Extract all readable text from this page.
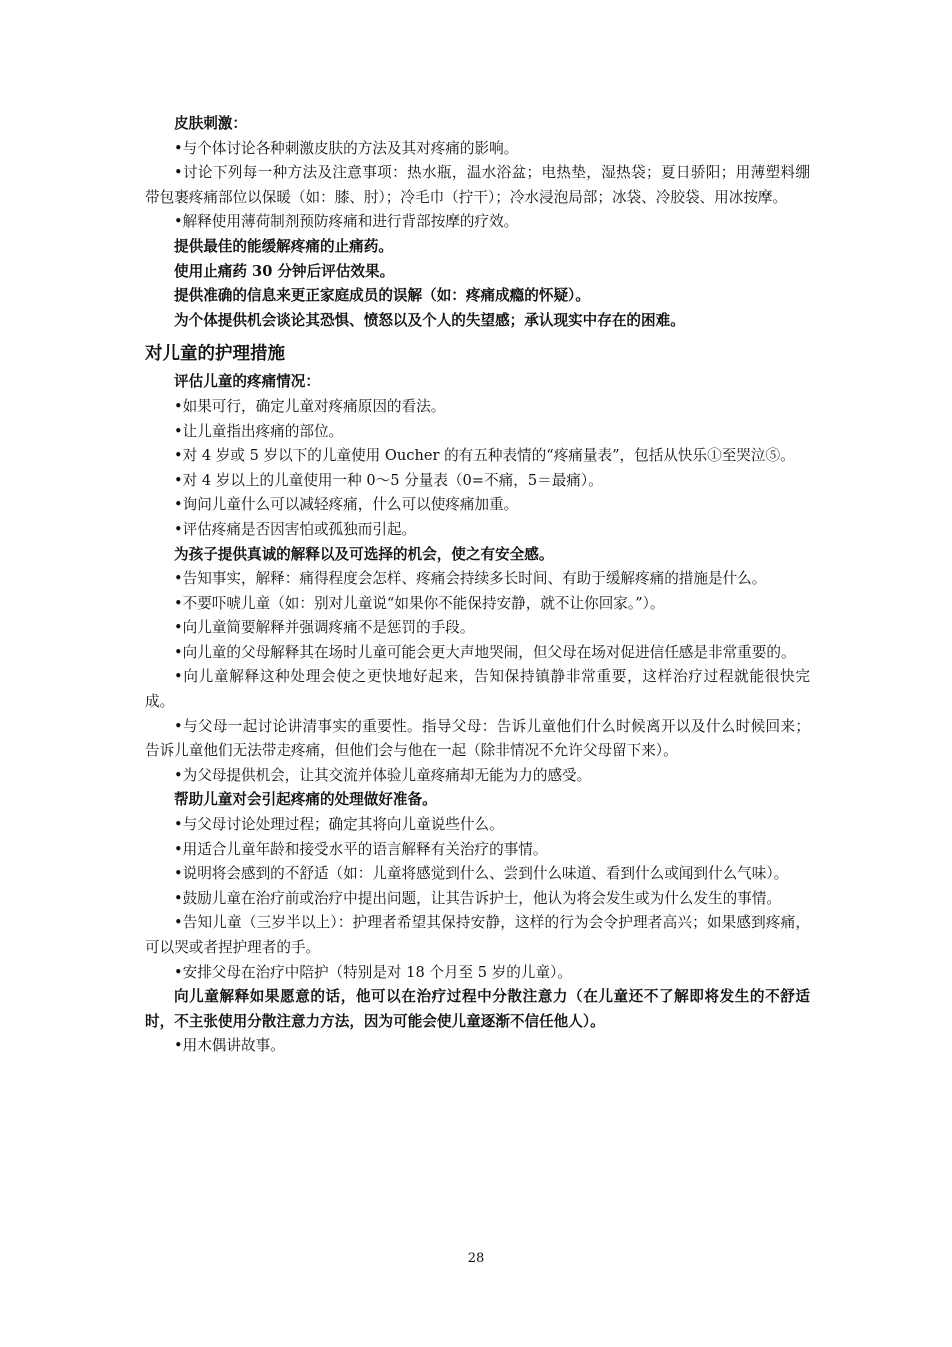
皮肤刺激：

•与个体讨论各种刺激皮肤的方法及其对疼痛的影响。

•讨论下列每一种方法及注意事项：热水瓶，温水浴盆；电热垫，湿热袋；夏日骄阳；用薄塑料绷带包裹疼痛部位以保暖（如：膝、肘）；冷毛巾（拧干）；冷水浸泡局部；冰袋、冷胶袋、用冰按摩。

•解释使用薄荷制剂预防疼痛和进行背部按摩的疗效。

提供最佳的能缓解疼痛的止痛药。

使用止痛药 30 分钟后评估效果。

提供准确的信息来更正家庭成员的误解（如：疼痛成瘾的怀疑）。

为个体提供机会谈论其恐惧、愤怒以及个人的失望感；承认现实中存在的困难。

对儿童的护理措施

评估儿童的疼痛情况：

•如果可行，确定儿童对疼痛原因的看法。

•让儿童指出疼痛的部位。

•对 4 岁或 5 岁以下的儿童使用 Oucher 的有五种表情的“疼痛量表”，包括从快乐①至哭泣⑤。

•对 4 岁以上的儿童使用一种 0～5 分量表（0=不痛，5＝最痛）。

•询问儿童什么可以减轻疼痛，什么可以使疼痛加重。

•评估疼痛是否因害怕或孤独而引起。

为孩子提供真诚的解释以及可选择的机会，使之有安全感。

•告知事实，解释：痛得程度会怎样、疼痛会持续多长时间、有助于缓解疼痛的措施是什么。

•不要吓唬儿童（如：别对儿童说“如果你不能保持安静，就不让你回家。”）。

•向儿童简要解释并强调疼痛不是惩罚的手段。

•向儿童的父母解释其在场时儿童可能会更大声地哭闹，但父母在场对促进信任感是非常重要的。

•向儿童解释这种处理会使之更快地好起来，告知保持镇静非常重要，这样治疗过程就能很快完成。

•与父母一起讨论讲清事实的重要性。指导父母：告诉儿童他们什么时候离开以及什么时候回来；告诉儿童他们无法带走疼痛，但他们会与他在一起（除非情况不允许父母留下来）。

•为父母提供机会，让其交流并体验儿童疼痛却无能为力的感受。

帮助儿童对会引起疼痛的处理做好准备。

•与父母讨论处理过程；确定其将向儿童说些什么。

•用适合儿童年龄和接受水平的语言解释有关治疗的事情。

•说明将会感到的不舒适（如：儿童将感觉到什么、尝到什么味道、看到什么或闻到什么气味）。

•鼓励儿童在治疗前或治疗中提出问题，让其告诉护士，他认为将会发生或为什么发生的事情。

•告知儿童（三岁半以上）：护理者希望其保持安静，这样的行为会令护理者高兴；如果感到疼痛，可以哭或者捏护理者的手。

•安排父母在治疗中陪护（特别是对 18 个月至 5 岁的儿童）。

向儿童解释如果愿意的话，他可以在治疗过程中分散注意力（在儿童还不了解即将发生的不舒适时，不主张使用分散注意力方法，因为可能会使儿童逐渐不信任他人）。

•用木偶讲故事。

28
